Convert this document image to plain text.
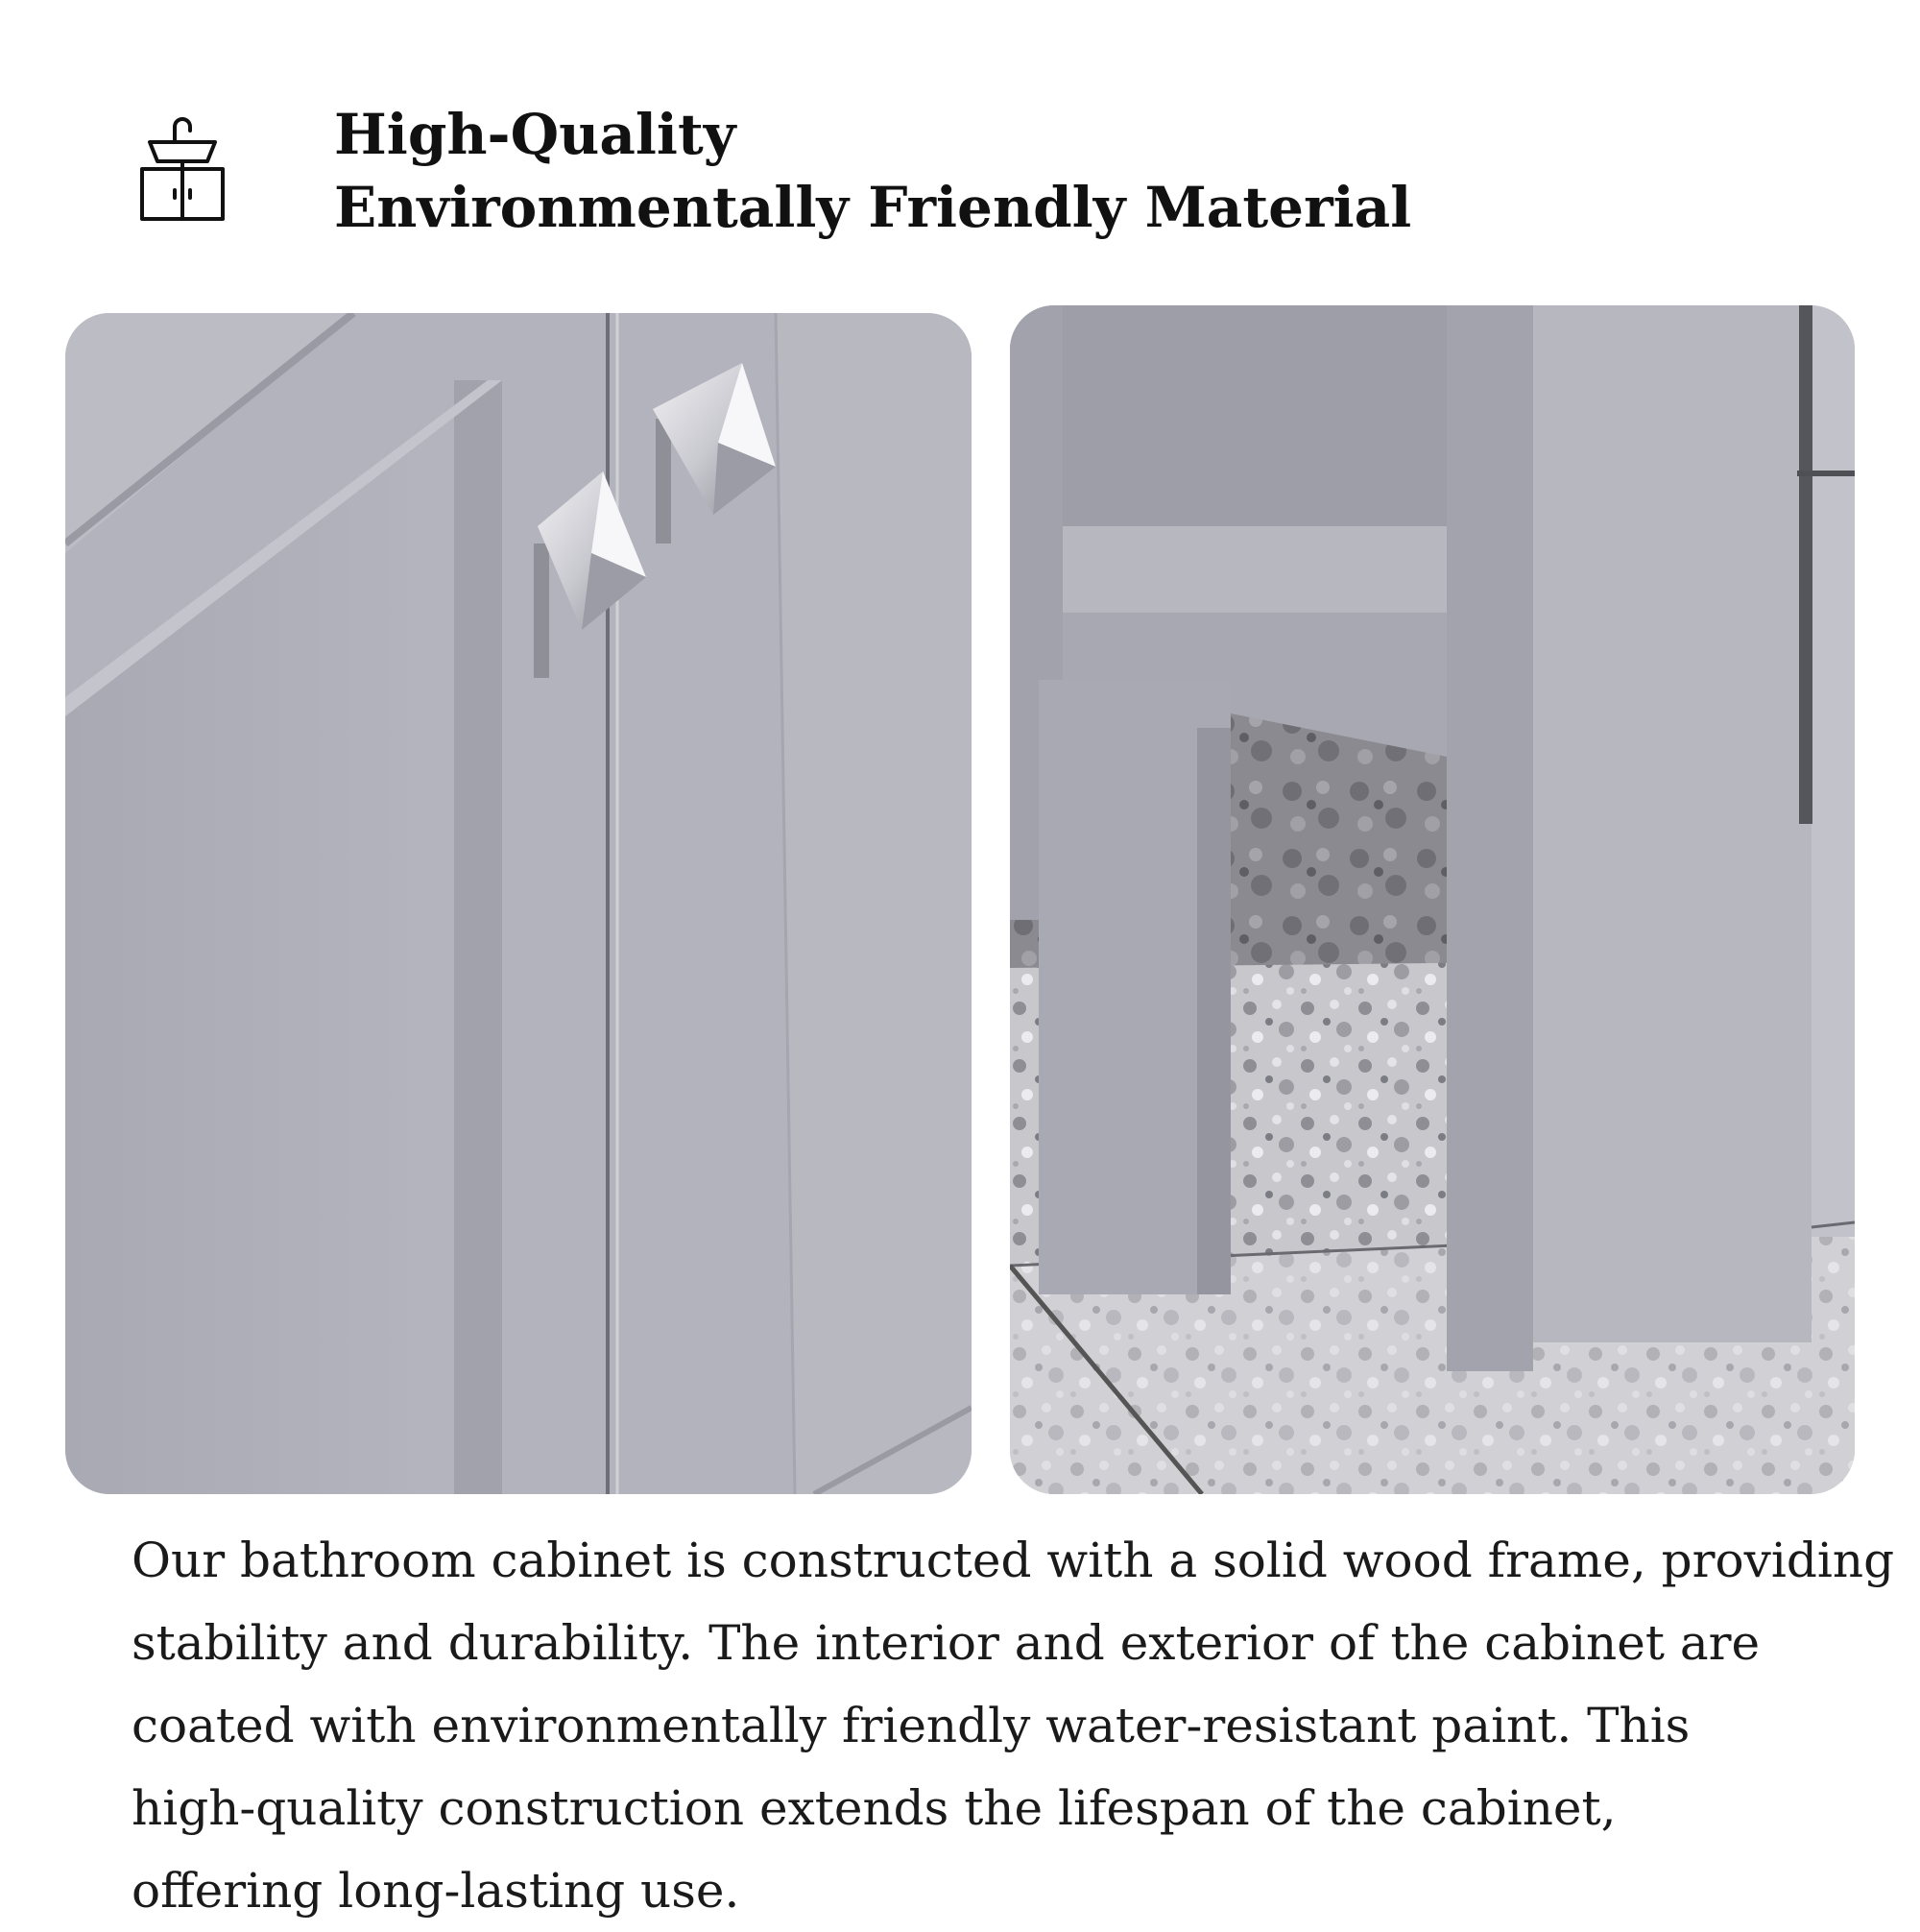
High-Quality
Environmentally Friendly Material

Our bathroom cabinet is constructed with a solid wood frame, providing
stability and durability. The interior and exterior of the cabinet are
coated with environmentally friendly water-resistant paint. This
high-quality construction extends the lifespan of the cabinet,
offering long-lasting use.
